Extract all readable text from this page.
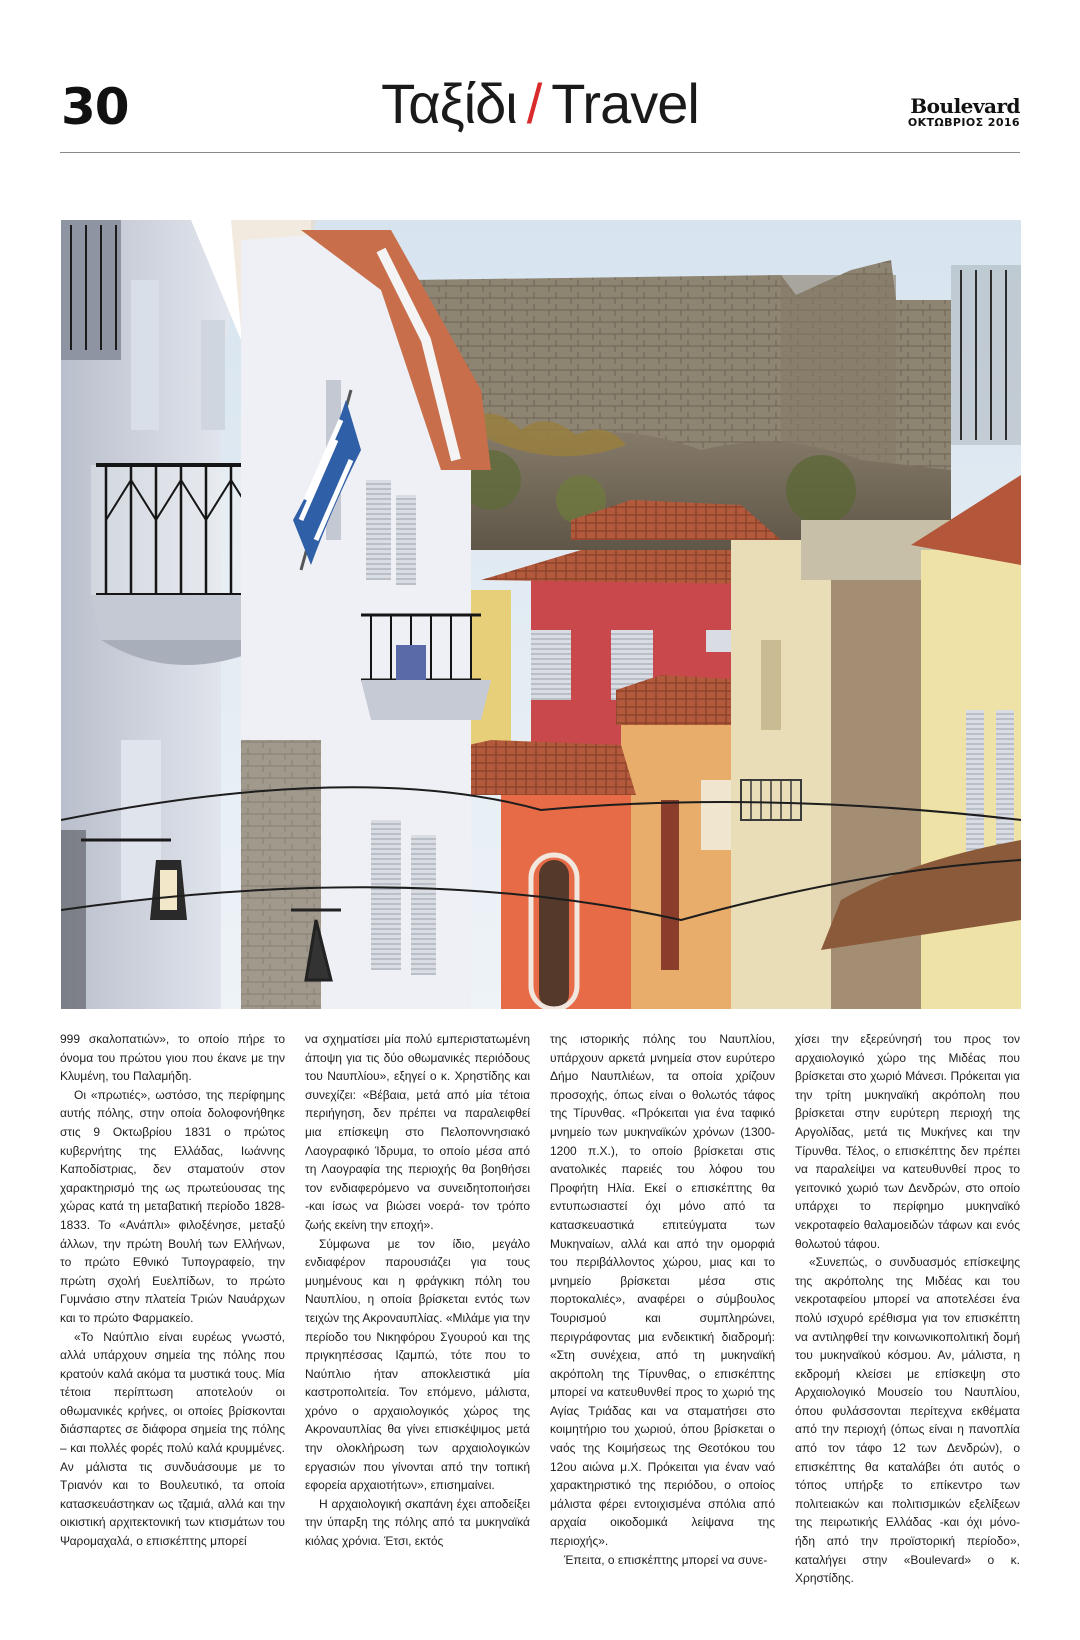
30	Ταξίδι / Travel	Boulevard
ΟΚΤΩΒΡΙΟΣ 2016

999 σκαλοπατιών», το οποίο πήρε το όνομα του πρώτου γιου που έκανε με την Κλυμένη, του Παλαμήδη.

Οι «πρωτιές», ωστόσο, της περίφημης αυτής πόλης, στην οποία δολοφονήθηκε στις 9 Οκτωβρίου 1831 ο πρώτος κυβερνήτης της Ελλάδας, Ιωάννης Καποδίστριας, δεν σταματούν στον χαρακτηρισμό της ως πρωτεύουσας της χώρας κατά τη μεταβατική περίοδο 1828-1833. Το «Ανάπλι» φιλοξένησε, μεταξύ άλλων, την πρώτη Βουλή των Ελλήνων, το πρώτο Εθνικό Τυπογραφείο, την πρώτη σχολή Ευελπίδων, το πρώτο Γυμνάσιο στην πλατεία Τριών Ναυάρχων και το πρώτο Φαρμακείο.

«Το Ναύπλιο είναι ευρέως γνωστό, αλλά υπάρχουν σημεία της πόλης που κρατούν καλά ακόμα τα μυστικά τους. Μία τέτοια περίπτωση αποτελούν οι οθωμανικές κρήνες, οι οποίες βρίσκονται διάσπαρτες σε διάφορα σημεία της πόλης – και πολλές φορές πολύ καλά κρυμμένες. Αν μάλιστα τις συνδυάσουμε με το Τριανόν και το Βουλευτικό, τα οποία κατασκευάστηκαν ως τζαμιά, αλλά και την οικιστική αρχιτεκτονική των κτισμάτων του Ψαρομαχαλά, ο επισκέπτης μπορεί

να σχηματίσει μία πολύ εμπεριστατωμένη άποψη για τις δύο οθωμανικές περιόδους του Ναυπλίου», εξηγεί ο κ. Χρηστίδης και συνεχίζει: «Βέβαια, μετά από μία τέτοια περιήγηση, δεν πρέπει να παραλειφθεί μια επίσκεψη στο Πελοποννησιακό Λαογραφικό Ίδρυμα, το οποίο μέσα από τη Λαογραφία της περιοχής θα βοηθήσει τον ενδιαφερόμενο να συνειδητοποιήσει -και ίσως να βιώσει νοερά- τον τρόπο ζωής εκείνη την εποχή».

Σύμφωνα με τον ίδιο, μεγάλο ενδιαφέρον παρουσιάζει για τους μυημένους και η φράγκικη πόλη του Ναυπλίου, η οποία βρίσκεται εντός των τειχών της Ακροναυπλίας. «Μιλάμε για την περίοδο του Νικηφόρου Σγουρού και της πριγκηπέσσας Ιζαμπώ, τότε που το Ναύπλιο ήταν αποκλειστικά μία καστροπολιτεία. Τον επόμενο, μάλιστα, χρόνο ο αρχαιολογικός χώρος της Ακροναυπλίας θα γίνει επισκέψιμος μετά την ολοκλήρωση των αρχαιολογικών εργασιών που γίνονται από την τοπική εφορεία αρχαιοτήτων», επισημαίνει.

Η αρχαιολογική σκαπάνη έχει αποδείξει την ύπαρξη της πόλης από τα μυκηναϊκά κιόλας χρόνια. Έτσι, εκτός

της ιστορικής πόλης του Ναυπλίου, υπάρχουν αρκετά μνημεία στον ευρύτερο Δήμο Ναυπλιέων, τα οποία χρίζουν προσοχής, όπως είναι ο θολωτός τάφος της Τίρυνθας. «Πρόκειται για ένα ταφικό μνημείο των μυκηναϊκών χρόνων (1300-1200 π.Χ.), το οποίο βρίσκεται στις ανατολικές παρειές του λόφου του Προφήτη Ηλία. Εκεί ο επισκέπτης θα εντυπωσιαστεί όχι μόνο από τα κατασκευαστικά επιτεύγματα των Μυκηναίων, αλλά και από την ομορφιά του περιβάλλοντος χώρου, μιας και το μνημείο βρίσκεται μέσα στις πορτοκαλιές», αναφέρει ο σύμβουλος Τουρισμού και συμπληρώνει, περιγράφοντας μια ενδεικτική διαδρομή: «Στη συνέχεια, από τη μυκηναϊκή ακρόπολη της Τίρυνθας, ο επισκέπτης μπορεί να κατευθυνθεί προς το χωριό της Αγίας Τριάδας και να σταματήσει στο κοιμητήριο του χωριού, όπου βρίσκεται ο ναός της Κοιμήσεως της Θεοτόκου του 12ου αιώνα μ.Χ. Πρόκειται για έναν ναό χαρακτηριστικό της περιόδου, ο οποίος μάλιστα φέρει εντοιχισμένα σπόλια από αρχαία οικοδομικά λείψανα της περιοχής».

Έπειτα, ο επισκέπτης μπορεί να συνε-

χίσει την εξερεύνησή του προς τον αρχαιολογικό χώρο της Μιδέας που βρίσκεται στο χωριό Μάνεσι. Πρόκειται για την τρίτη μυκηναϊκή ακρόπολη που βρίσκεται στην ευρύτερη περιοχή της Αργολίδας, μετά τις Μυκήνες και την Τίρυνθα. Τέλος, ο επισκέπτης δεν πρέπει να παραλείψει να κατευθυνθεί προς το γειτονικό χωριό των Δενδρών, στο οποίο υπάρχει το περίφημο μυκηναϊκό νεκροταφείο θαλαμοειδών τάφων και ενός θολωτού τάφου.

«Συνεπώς, ο συνδυασμός επίσκεψης της ακρόπολης της Μιδέας και του νεκροταφείου μπορεί να αποτελέσει ένα πολύ ισχυρό ερέθισμα για τον επισκέπτη να αντιληφθεί την κοινωνικοπολιτική δομή του μυκηναϊκού κόσμου. Αν, μάλιστα, η εκδρομή κλείσει με επίσκεψη στο Αρχαιολογικό Μουσείο του Ναυπλίου, όπου φυλάσσονται περίτεχνα εκθέματα από την περιοχή (όπως είναι η πανοπλία από τον τάφο 12 των Δενδρών), ο επισκέπτης θα καταλάβει ότι αυτός ο τόπος υπήρξε το επίκεντρο των πολιτειακών και πολιτισμικών εξελίξεων της πειρωτικής Ελλάδας -και όχι μόνο- ήδη από την προϊστορική περίοδο», καταλήγει στην «Boulevard» ο κ. Χρηστίδης.
